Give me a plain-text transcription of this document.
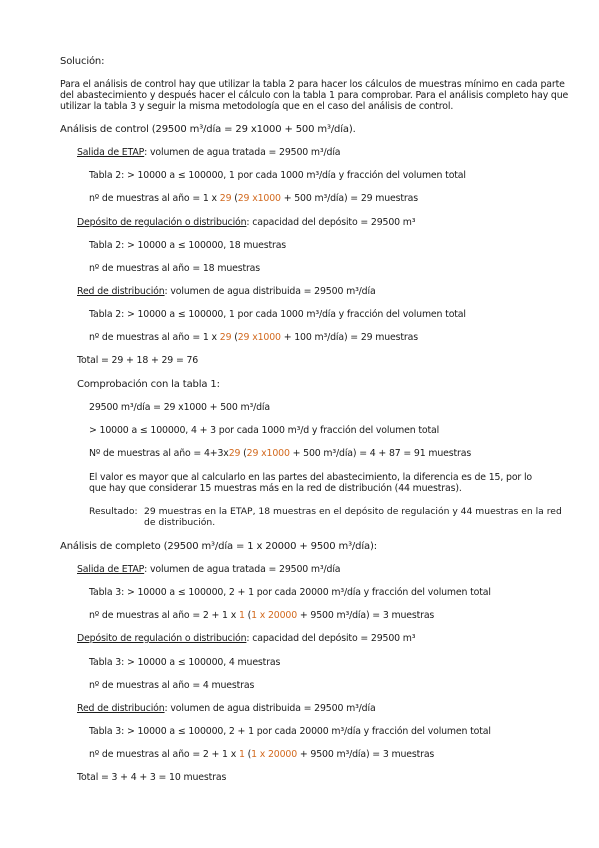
Solución:
Para el análisis de control hay que utilizar la tabla 2 para hacer los cálculos de muestras mínimo en cada parte
del abastecimiento y después hacer el cálculo con la tabla 1 para comprobar. Para el análisis completo hay que
utilizar la tabla 3 y seguir la misma metodología que en el caso del análisis de control.
Análisis de control (29500 m³/día = 29 x1000 + 500 m³/día).
Salida de ETAP: volumen de agua tratada = 29500 m³/día
Tabla 2: > 10000 a ≤ 100000, 1 por cada 1000 m³/día y fracción del volumen total
nº de muestras al año = 1 x 29 (29 x1000 + 500 m³/día) = 29 muestras
Depósito de regulación o distribución: capacidad del depósito = 29500 m³
Tabla 2: > 10000 a ≤ 100000, 18 muestras
nº de muestras al año = 18 muestras
Red de distribución: volumen de agua distribuida = 29500 m³/día
Tabla 2: > 10000 a ≤ 100000, 1 por cada 1000 m³/día y fracción del volumen total
nº de muestras al año = 1 x 29 (29 x1000 + 100 m³/día) = 29 muestras
Total = 29 + 18 + 29 = 76
Comprobación con la tabla 1:
29500 m³/día = 29 x1000 + 500 m³/día
> 10000 a ≤ 100000, 4 + 3 por cada 1000 m³/d y fracción del volumen total
Nº de muestras al año = 4+3x29 (29 x1000 + 500 m³/día) = 4 + 87 = 91 muestras
El valor es mayor que al calcularlo en las partes del abastecimiento, la diferencia es de 15, por lo
que hay que considerar 15 muestras más en la red de distribución (44 muestras).
Resultado: 29 muestras en la ETAP, 18 muestras en el depósito de regulación y 44 muestras en la red de distribución.
Análisis de completo (29500 m³/día = 1 x 20000 + 9500 m³/día):
Salida de ETAP: volumen de agua tratada = 29500 m³/día
Tabla 3: > 10000 a ≤ 100000, 2 + 1 por cada 20000 m³/día y fracción del volumen total
nº de muestras al año = 2 + 1 x 1 (1 x 20000 + 9500 m³/día) = 3 muestras
Depósito de regulación o distribución: capacidad del depósito = 29500 m³
Tabla 3: > 10000 a ≤ 100000, 4 muestras
nº de muestras al año = 4 muestras
Red de distribución: volumen de agua distribuida = 29500 m³/día
Tabla 3: > 10000 a ≤ 100000, 2 + 1 por cada 20000 m³/día y fracción del volumen total
nº de muestras al año = 2 + 1 x 1 (1 x 20000 + 9500 m³/día) = 3 muestras
Total = 3 + 4 + 3 = 10 muestras
